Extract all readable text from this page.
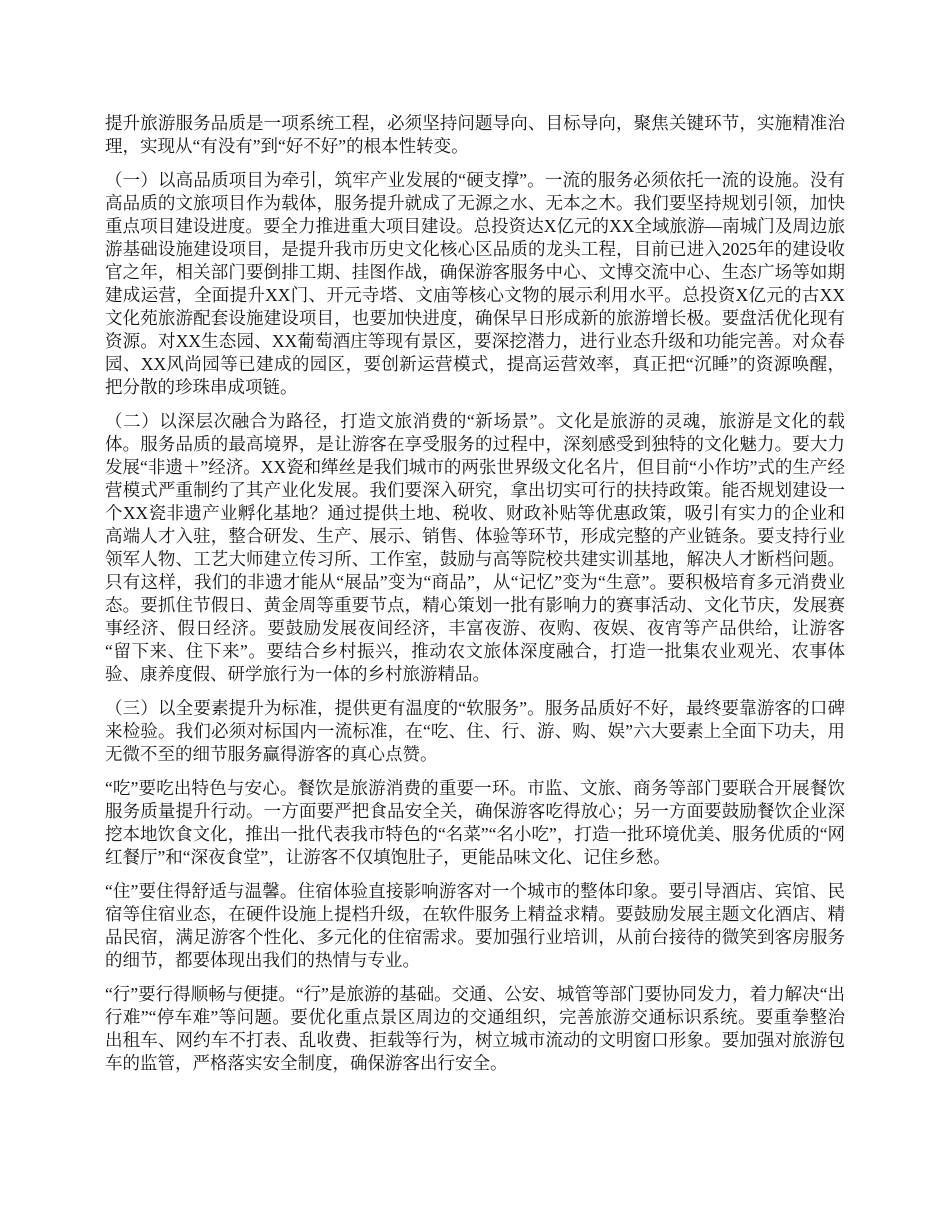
提升旅游服务品质是一项系统工程，必须坚持问题导向、目标导向，聚焦关键环节，实施精准治理，实现从“有没有”到“好不好”的根本性转变。

（一）以高品质项目为牵引，筑牢产业发展的“硬支撑”。一流的服务必须依托一流的设施。没有高品质的文旅项目作为载体，服务提升就成了无源之水、无本之木。我们要坚持规划引领，加快重点项目建设进度。要全力推进重大项目建设。总投资达X亿元的XX全域旅游—南城门及周边旅游基础设施建设项目，是提升我市历史文化核心区品质的龙头工程，目前已进入2025年的建设收官之年，相关部门要倒排工期、挂图作战，确保游客服务中心、文博交流中心、生态广场等如期建成运营，全面提升XX门、开元寺塔、文庙等核心文物的展示利用水平。总投资X亿元的古XX文化苑旅游配套设施建设项目，也要加快进度，确保早日形成新的旅游增长极。要盘活优化现有资源。对XX生态园、XX葡萄酒庄等现有景区，要深挖潜力，进行业态升级和功能完善。对众春园、XX风尚园等已建成的园区，要创新运营模式，提高运营效率，真正把“沉睡”的资源唤醒，把分散的珍珠串成项链。

（二）以深层次融合为路径，打造文旅消费的“新场景”。文化是旅游的灵魂，旅游是文化的载体。服务品质的最高境界，是让游客在享受服务的过程中，深刻感受到独特的文化魅力。要大力发展“非遗＋”经济。XX瓷和缂丝是我们城市的两张世界级文化名片，但目前“小作坊”式的生产经营模式严重制约了其产业化发展。我们要深入研究，拿出切实可行的扶持政策。能否规划建设一个XX瓷非遗产业孵化基地？通过提供土地、税收、财政补贴等优惠政策，吸引有实力的企业和高端人才入驻，整合研发、生产、展示、销售、体验等环节，形成完整的产业链条。要支持行业领军人物、工艺大师建立传习所、工作室，鼓励与高等院校共建实训基地，解决人才断档问题。只有这样，我们的非遗才能从“展品”变为“商品”，从“记忆”变为“生意”。要积极培育多元消费业态。要抓住节假日、黄金周等重要节点，精心策划一批有影响力的赛事活动、文化节庆，发展赛事经济、假日经济。要鼓励发展夜间经济，丰富夜游、夜购、夜娱、夜宵等产品供给，让游客“留下来、住下来”。要结合乡村振兴，推动农文旅体深度融合，打造一批集农业观光、农事体验、康养度假、研学旅行为一体的乡村旅游精品。

（三）以全要素提升为标准，提供更有温度的“软服务”。服务品质好不好，最终要靠游客的口碑来检验。我们必须对标国内一流标准，在“吃、住、行、游、购、娱”六大要素上全面下功夫，用无微不至的细节服务赢得游客的真心点赞。

“吃”要吃出特色与安心。餐饮是旅游消费的重要一环。市监、文旅、商务等部门要联合开展餐饮服务质量提升行动。一方面要严把食品安全关，确保游客吃得放心；另一方面要鼓励餐饮企业深挖本地饮食文化，推出一批代表我市特色的“名菜”“名小吃”，打造一批环境优美、服务优质的“网红餐厅”和“深夜食堂”，让游客不仅填饱肚子，更能品味文化、记住乡愁。

“住”要住得舒适与温馨。住宿体验直接影响游客对一个城市的整体印象。要引导酒店、宾馆、民宿等住宿业态，在硬件设施上提档升级，在软件服务上精益求精。要鼓励发展主题文化酒店、精品民宿，满足游客个性化、多元化的住宿需求。要加强行业培训，从前台接待的微笑到客房服务的细节，都要体现出我们的热情与专业。

“行”要行得顺畅与便捷。“行”是旅游的基础。交通、公安、城管等部门要协同发力，着力解决“出行难”“停车难”等问题。要优化重点景区周边的交通组织，完善旅游交通标识系统。要重拳整治出租车、网约车不打表、乱收费、拒载等行为，树立城市流动的文明窗口形象。要加强对旅游包车的监管，严格落实安全制度，确保游客出行安全。
